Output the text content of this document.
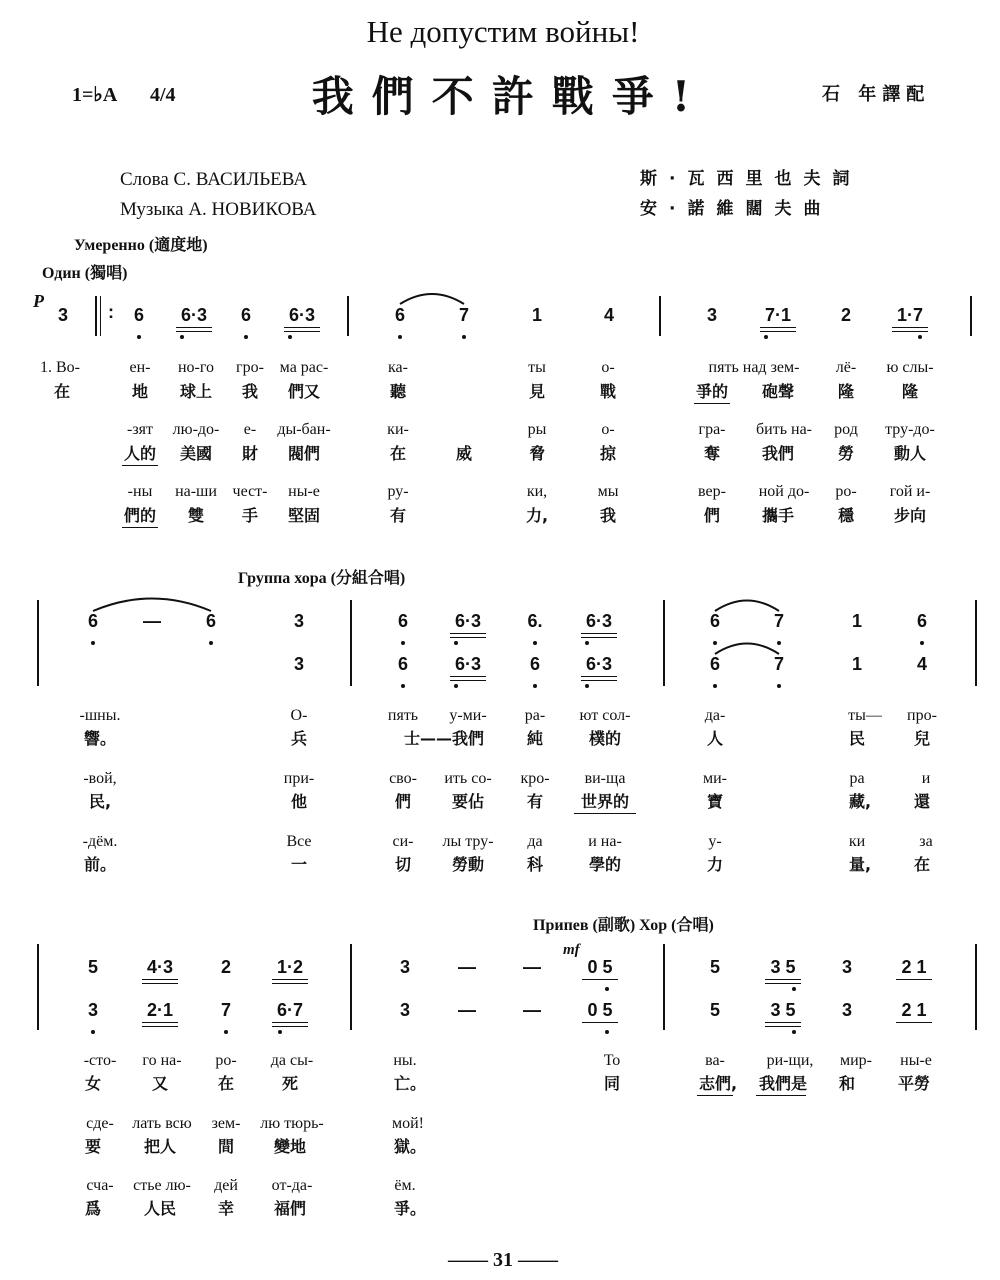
Не допустим войны!
1=♭A 4/4	我們不許戰爭!	石 年譯配
Слова С. ВАСИЛЬЕВА
Музыка А. НОВИКОВА
斯·瓦西里也夫詞
安·諾維闊夫曲
Умеренно (適度地)
Один (獨唱)
P
:
3	6 6·3 6 6·3	6	7	1	4	3	7·1	2	1·7
1. Во-	ен- но-го гро- ма рас-	ка-	ты	о-	пять над зем- лё- ю слы-
在	地 球上 我 們又	聽	見	戰	爭的 砲聲	隆	隆
-зят лю-до- е- ды-бан-	ки-	ры	о-	гра- бить на- род тру-до-
人的 美國 財 閥們	在	威	脅	掠	奪	我們	勞 動人
-ны на-ши чест- ны-е	ру-	ки,	мы	вер- ной до- ро- гой и-
們的 雙 手 堅固	有	力,	我	們	攜手	穩 步向
Группа хора (分組合唱)
6 — 6	3	6	6·3	6. 6·3	6	7	1	6
3	6	6·3	6	6·3	6	7	1	4
-шны.	О-	пять у-ми- ра- ют сол-	да-	ты— про-
響。	兵	士——我們	純	樸的	人	民	兒
-вой,	при-	сво- ить со- кро- ви-ща	ми-	ра	и
民,	他	們	要佔	有 世界的	寶	藏,	還
-дём.	Все	си- лы тру- да	и на-	у-	ки	за
前。	一	切	勞動	科	學的	力	量,	在
Припев (副歌) Хор (合唱)
mf
5	4·3	2	1·2	3	—	—	0 5	5	3 5	3	2 1
3	2·1	7	6·7	3	—	—	0 5	5	3 5	3	2 1
-сто- го на- ро- да сы-	ны.	То	ва-	ри-щи, мир- ны-е
女	又	在	死	亡。	同	志們, 我們是 和	平勞
сде- лать всю зем- лю тюрь-	мой!
要	把人	間 變地	獄。
сча- стье лю- дей от-да-	ём.
爲	人民	幸 福們	爭。
—— 31 ——
